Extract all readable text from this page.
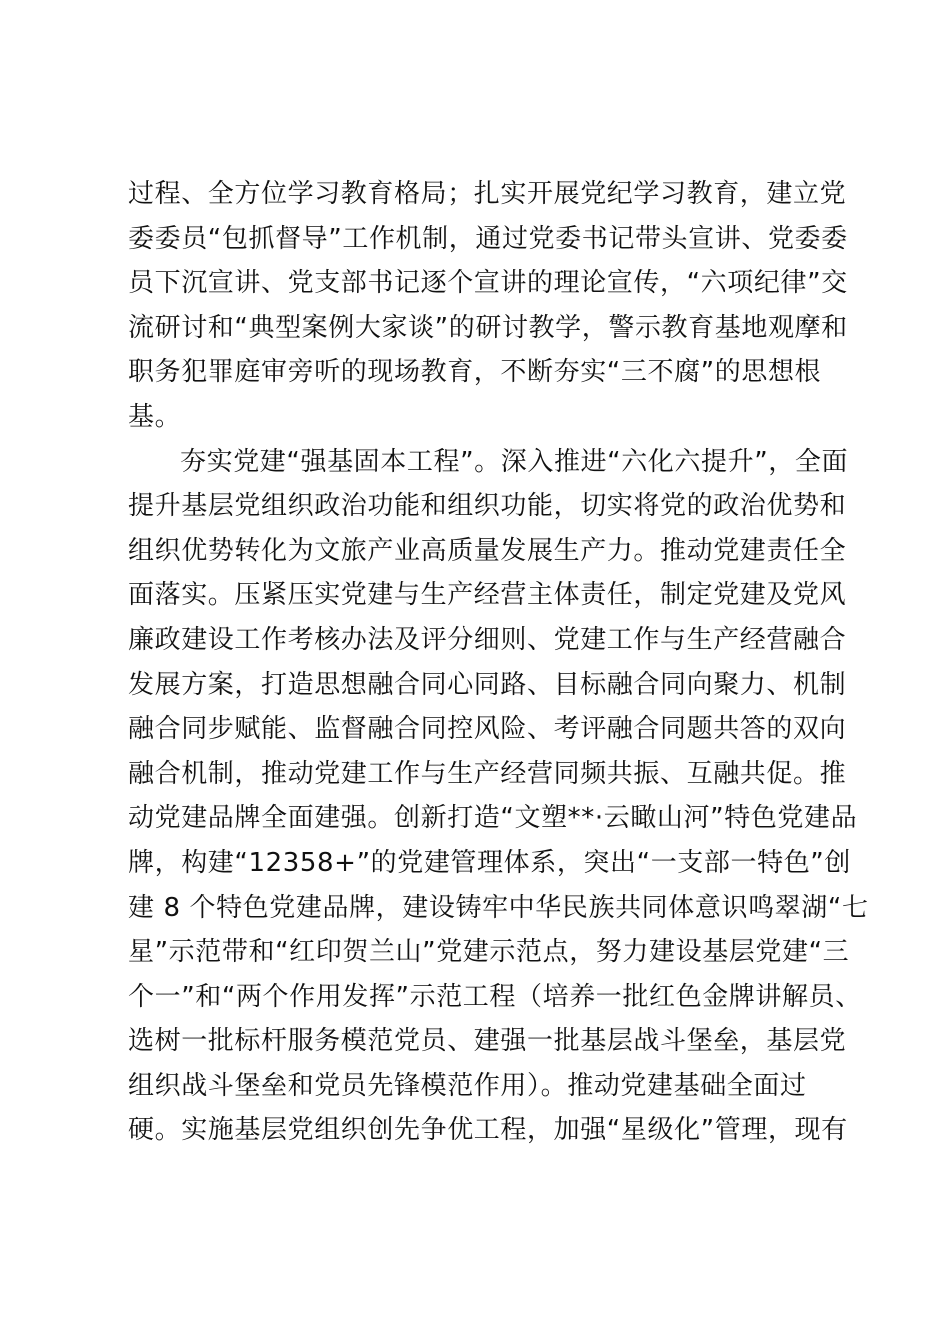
过程、全方位学习教育格局；扎实开展党纪学习教育，建立党
委委员“包抓督导”工作机制，通过党委书记带头宣讲、党委委
员下沉宣讲、党支部书记逐个宣讲的理论宣传，“六项纪律”交
流研讨和“典型案例大家谈”的研讨教学，警示教育基地观摩和
职务犯罪庭审旁听的现场教育，不断夯实“三不腐”的思想根
基。
夯实党建“强基固本工程”。深入推进“六化六提升”，全面
提升基层党组织政治功能和组织功能，切实将党的政治优势和
组织优势转化为文旅产业高质量发展生产力。推动党建责任全
面落实。压紧压实党建与生产经营主体责任，制定党建及党风
廉政建设工作考核办法及评分细则、党建工作与生产经营融合
发展方案，打造思想融合同心同路、目标融合同向聚力、机制
融合同步赋能、监督融合同控风险、考评融合同题共答的双向
融合机制，推动党建工作与生产经营同频共振、互融共促。推
动党建品牌全面建强。创新打造“文塑**·云瞰山河”特色党建品
牌，构建“12358+”的党建管理体系，突出“一支部一特色”创
建 8 个特色党建品牌，建设铸牢中华民族共同体意识鸣翠湖“七
星”示范带和“红印贺兰山”党建示范点，努力建设基层党建“三
个一”和“两个作用发挥”示范工程（培养一批红色金牌讲解员、
选树一批标杆服务模范党员、建强一批基层战斗堡垒，基层党
组织战斗堡垒和党员先锋模范作用）。推动党建基础全面过
硬。实施基层党组织创先争优工程，加强“星级化”管理，现有
